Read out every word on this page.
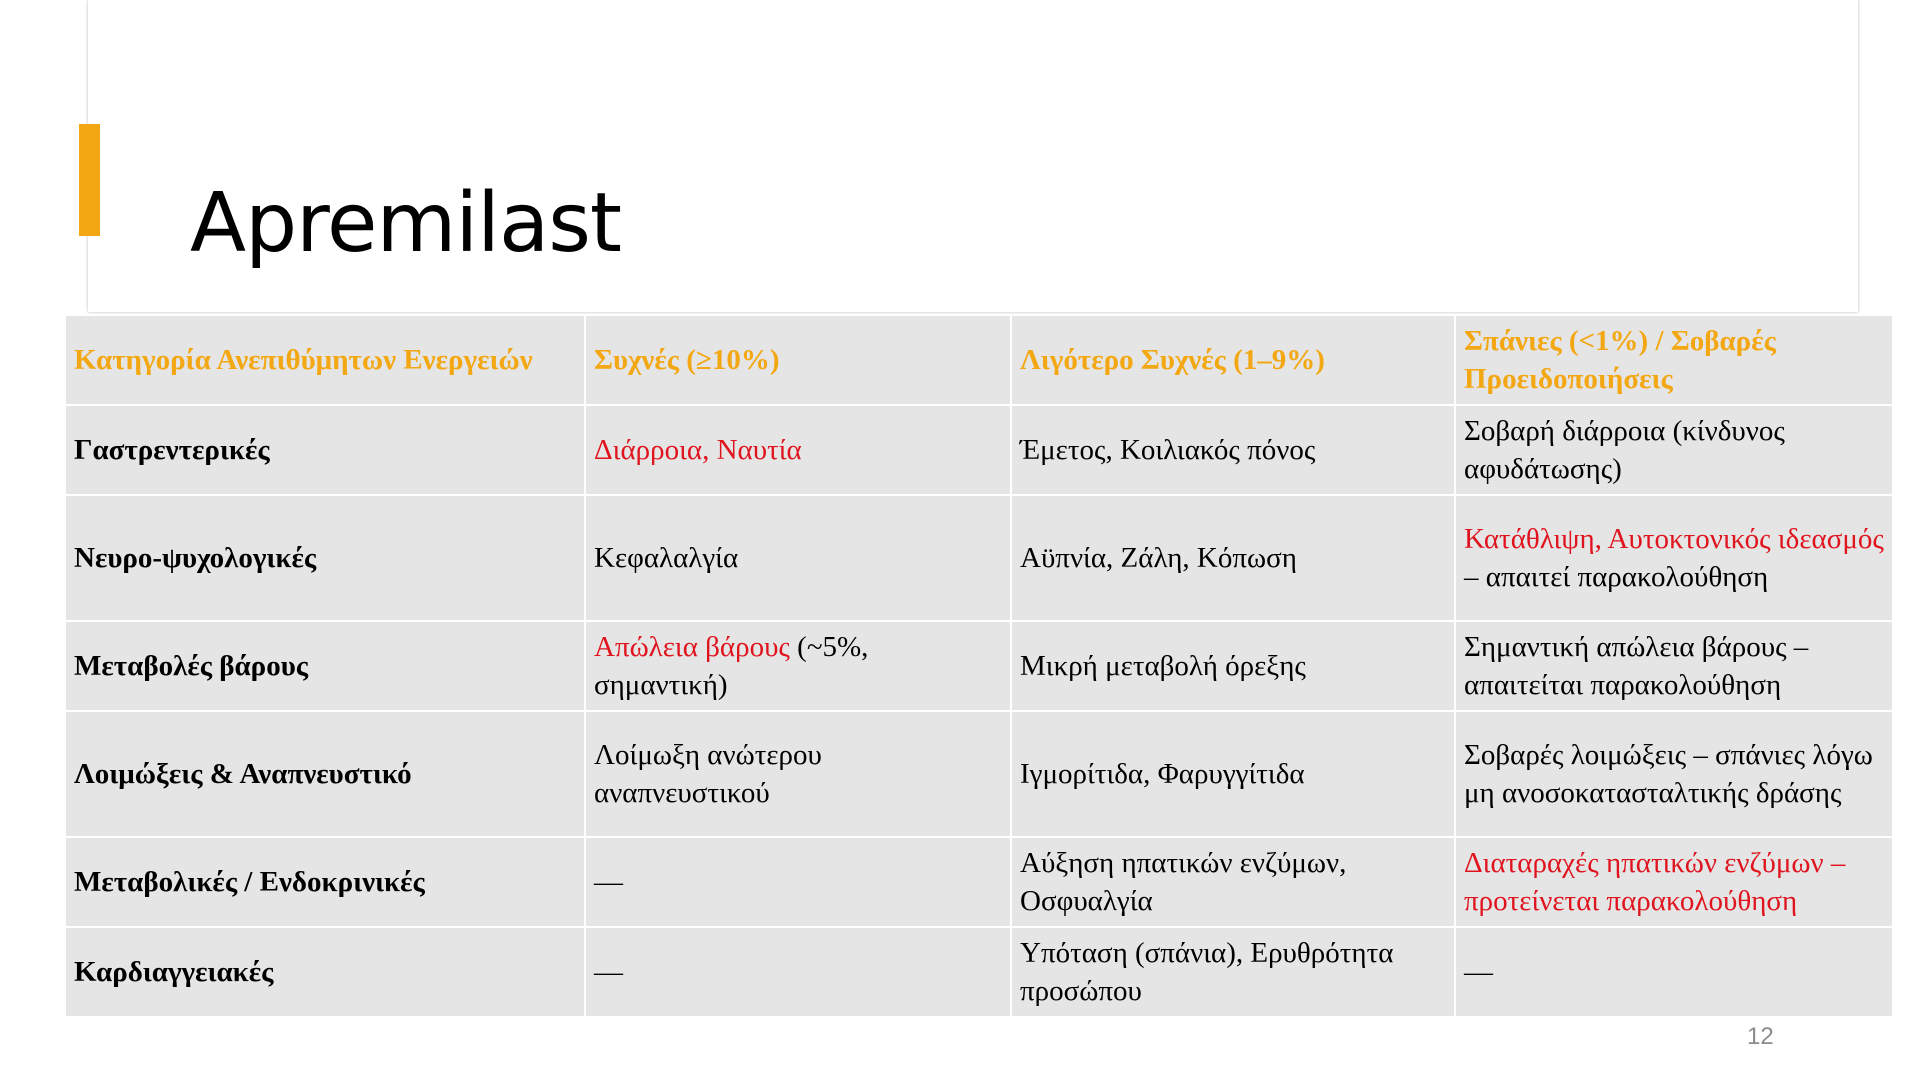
Apremilast
Κατηγορία Ανεπιθύμητων Ενεργειών	Συχνές (≥10%)	Λιγότερο Συχνές (1–9%)	Σπάνιες (<1%) / Σοβαρές Προειδοποιήσεις
Γαστρεντερικές	Διάρροια, Ναυτία	Έμετος, Κοιλιακός πόνος	Σοβαρή διάρροια (κίνδυνος αφυδάτωσης)
Νευρο-ψυχολογικές	Κεφαλαλγία	Αϋπνία, Ζάλη, Κόπωση	Κατάθλιψη, Αυτοκτονικός ιδεασμός – απαιτεί παρακολούθηση
Μεταβολές βάρους	Απώλεια βάρους (~5%, σημαντική)	Μικρή μεταβολή όρεξης	Σημαντική απώλεια βάρους – απαιτείται παρακολούθηση
Λοιμώξεις & Αναπνευστικό	Λοίμωξη ανώτερου αναπνευστικού	Ιγμορίτιδα, Φαρυγγίτιδα	Σοβαρές λοιμώξεις – σπάνιες λόγω μη ανοσοκατασταλτικής δράσης
Μεταβολικές / Ενδοκρινικές	—	Αύξηση ηπατικών ενζύμων, Οσφυαλγία	Διαταραχές ηπατικών ενζύμων – προτείνεται παρακολούθηση
Καρδιαγγειακές	—	Υπόταση (σπάνια), Ερυθρότητα προσώπου	—
12
